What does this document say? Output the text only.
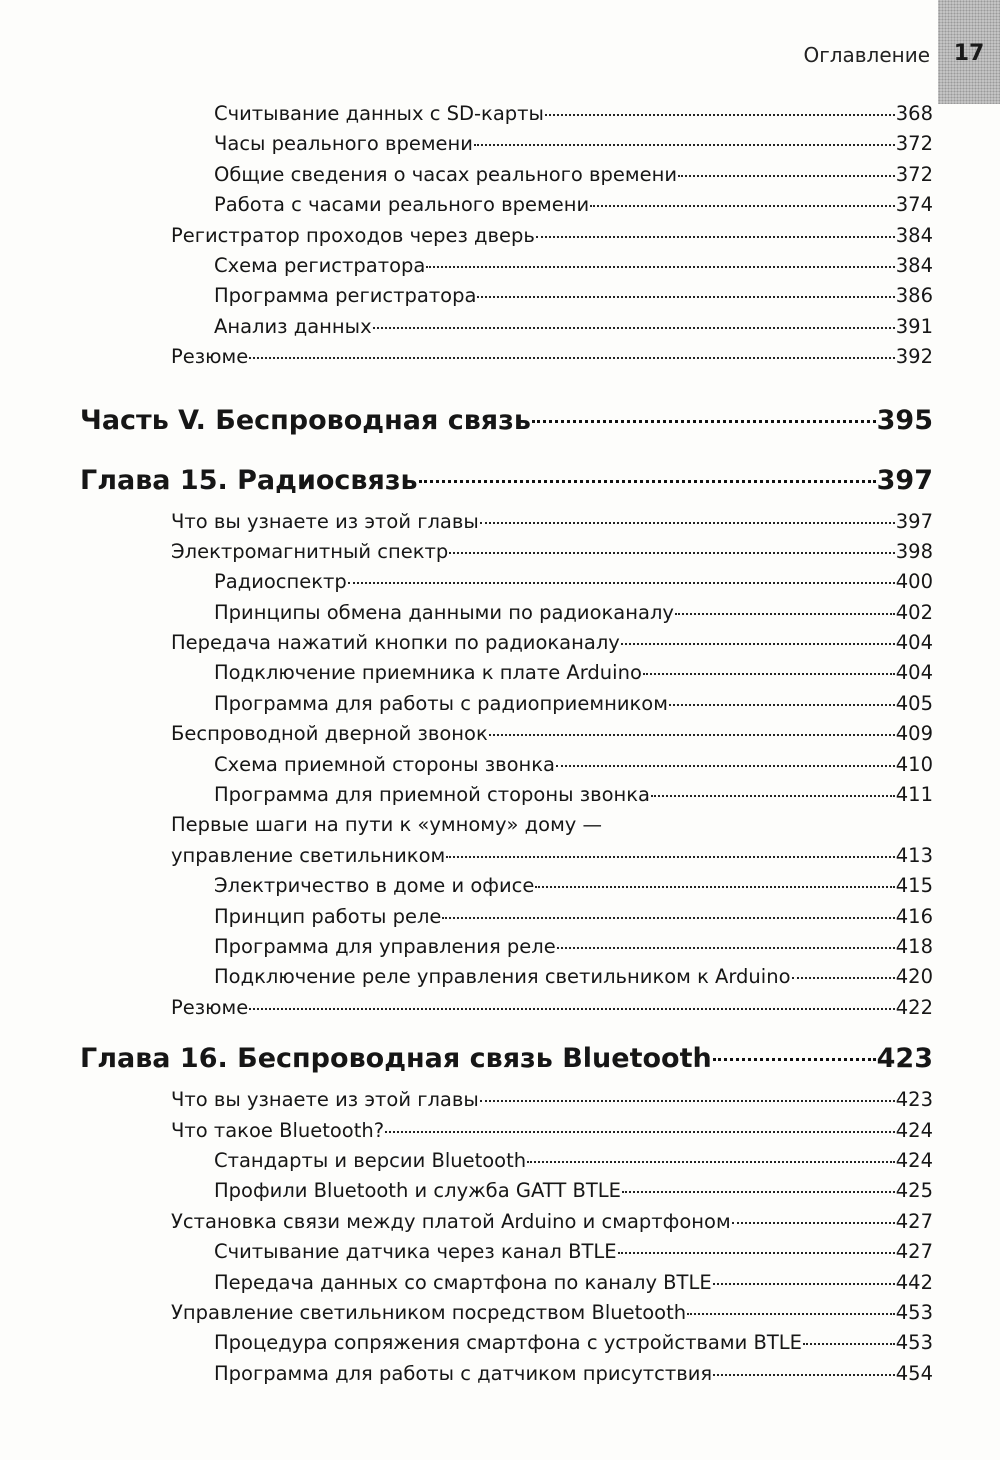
Оглавление	17
Считывание данных с SD-карты	368
Часы реального времени	372
Общие сведения о часах реального времени	372
Работа с часами реального времени	374
Регистратор проходов через дверь	384
Схема регистратора	384
Программа регистратора	386
Анализ данных	391
Резюме	392
Часть V. Беспроводная связь	395
Глава 15. Радиосвязь	397
Что вы узнаете из этой главы	397
Электромагнитный спектр	398
Радиоспектр	400
Принципы обмена данными по радиоканалу	402
Передача нажатий кнопки по радиоканалу	404
Подключение приемника к плате Arduino	404
Программа для работы с радиоприемником	405
Беспроводной дверной звонок	409
Схема приемной стороны звонка	410
Программа для приемной стороны звонка	411
Первые шаги на пути к «умному» дому —
управление светильником	413
Электричество в доме и офисе	415
Принцип работы реле	416
Программа для управления реле	418
Подключение реле управления светильником к Arduino	420
Резюме	422
Глава 16. Беспроводная связь Bluetooth	423
Что вы узнаете из этой главы	423
Что такое Bluetooth?	424
Стандарты и версии Bluetooth	424
Профили Bluetooth и служба GATT BTLE	425
Установка связи между платой Arduino и смартфоном	427
Считывание датчика через канал BTLE	427
Передача данных со смартфона по каналу BTLE	442
Управление светильником посредством Bluetooth	453
Процедура сопряжения смартфона с устройствами BTLE	453
Программа для работы с датчиком присутствия	454
